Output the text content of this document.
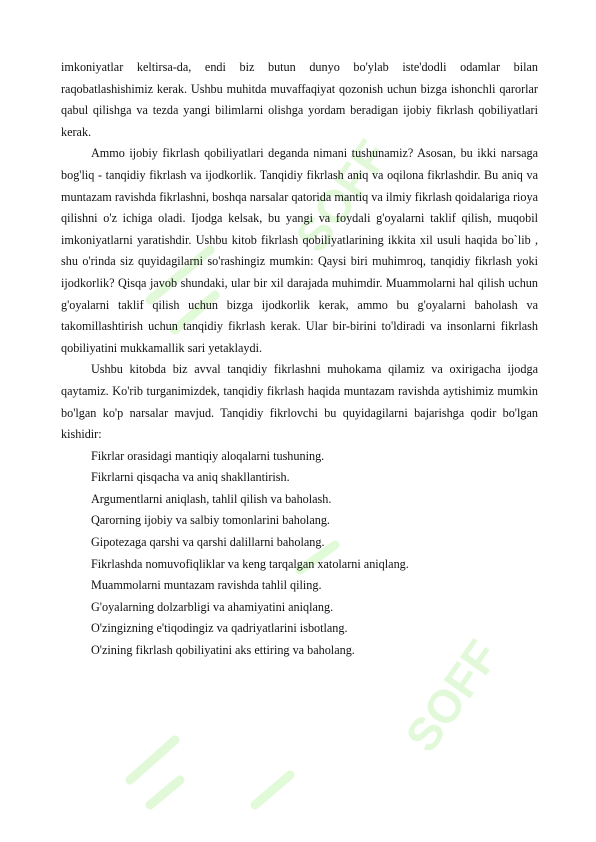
SOFF
SOFF

imkoniyatlar keltirsa-da, endi biz butun dunyo bo'ylab iste'dodli odamlar bilan raqobatlashishimiz kerak. Ushbu muhitda muvaffaqiyat qozonish uchun bizga ishonchli qarorlar qabul qilishga va tezda yangi bilimlarni olishga yordam beradigan ijobiy fikrlash qobiliyatlari kerak.

Ammo ijobiy fikrlash qobiliyatlari deganda nimani tushunamiz? Asosan, bu ikki narsaga bog'liq - tanqidiy fikrlash va ijodkorlik. Tanqidiy fikrlash aniq va oqilona fikrlashdir. Bu aniq va muntazam ravishda fikrlashni, boshqa narsalar qatorida mantiq va ilmiy fikrlash qoidalariga rioya qilishni o'z ichiga oladi. Ijodga kelsak, bu yangi va foydali g'oyalarni taklif qilish, muqobil imkoniyatlarni yaratishdir. Ushbu kitob fikrlash qobiliyatlarining ikkita xil usuli haqida bo`lib , shu o'rinda siz quyidagilarni so'rashingiz mumkin: Qaysi biri muhimroq, tanqidiy fikrlash yoki ijodkorlik? Qisqa javob shundaki, ular bir xil darajada muhimdir. Muammolarni hal qilish uchun g'oyalarni taklif qilish uchun bizga ijodkorlik kerak, ammo bu g'oyalarni baholash va takomillashtirish uchun tanqidiy fikrlash kerak. Ular bir-birini to'ldiradi va insonlarni fikrlash qobiliyatini mukkamallik sari yetaklaydi.

Ushbu kitobda biz avval tanqidiy fikrlashni muhokama qilamiz va oxirigacha ijodga qaytamiz. Ko'rib turganimizdek, tanqidiy fikrlash haqida muntazam ravishda aytishimiz mumkin bo'lgan ko'p narsalar mavjud. Tanqidiy fikrlovchi bu quyidagilarni bajarishga qodir bo'lgan kishidir:

Fikrlar orasidagi mantiqiy aloqalarni tushuning.
Fikrlarni qisqacha va aniq shakllantirish.
Argumentlarni aniqlash, tahlil qilish va baholash.
Qarorning ijobiy va salbiy tomonlarini baholang.
Gipotezaga qarshi va qarshi dalillarni baholang.
Fikrlashda nomuvofiqliklar va keng tarqalgan xatolarni aniqlang.
Muammolarni muntazam ravishda tahlil qiling.
G'oyalarning dolzarbligi va ahamiyatini aniqlang.
O'zingizning e'tiqodingiz va qadriyatlarini isbotlang.
O'zining fikrlash qobiliyatini aks ettiring va baholang.
